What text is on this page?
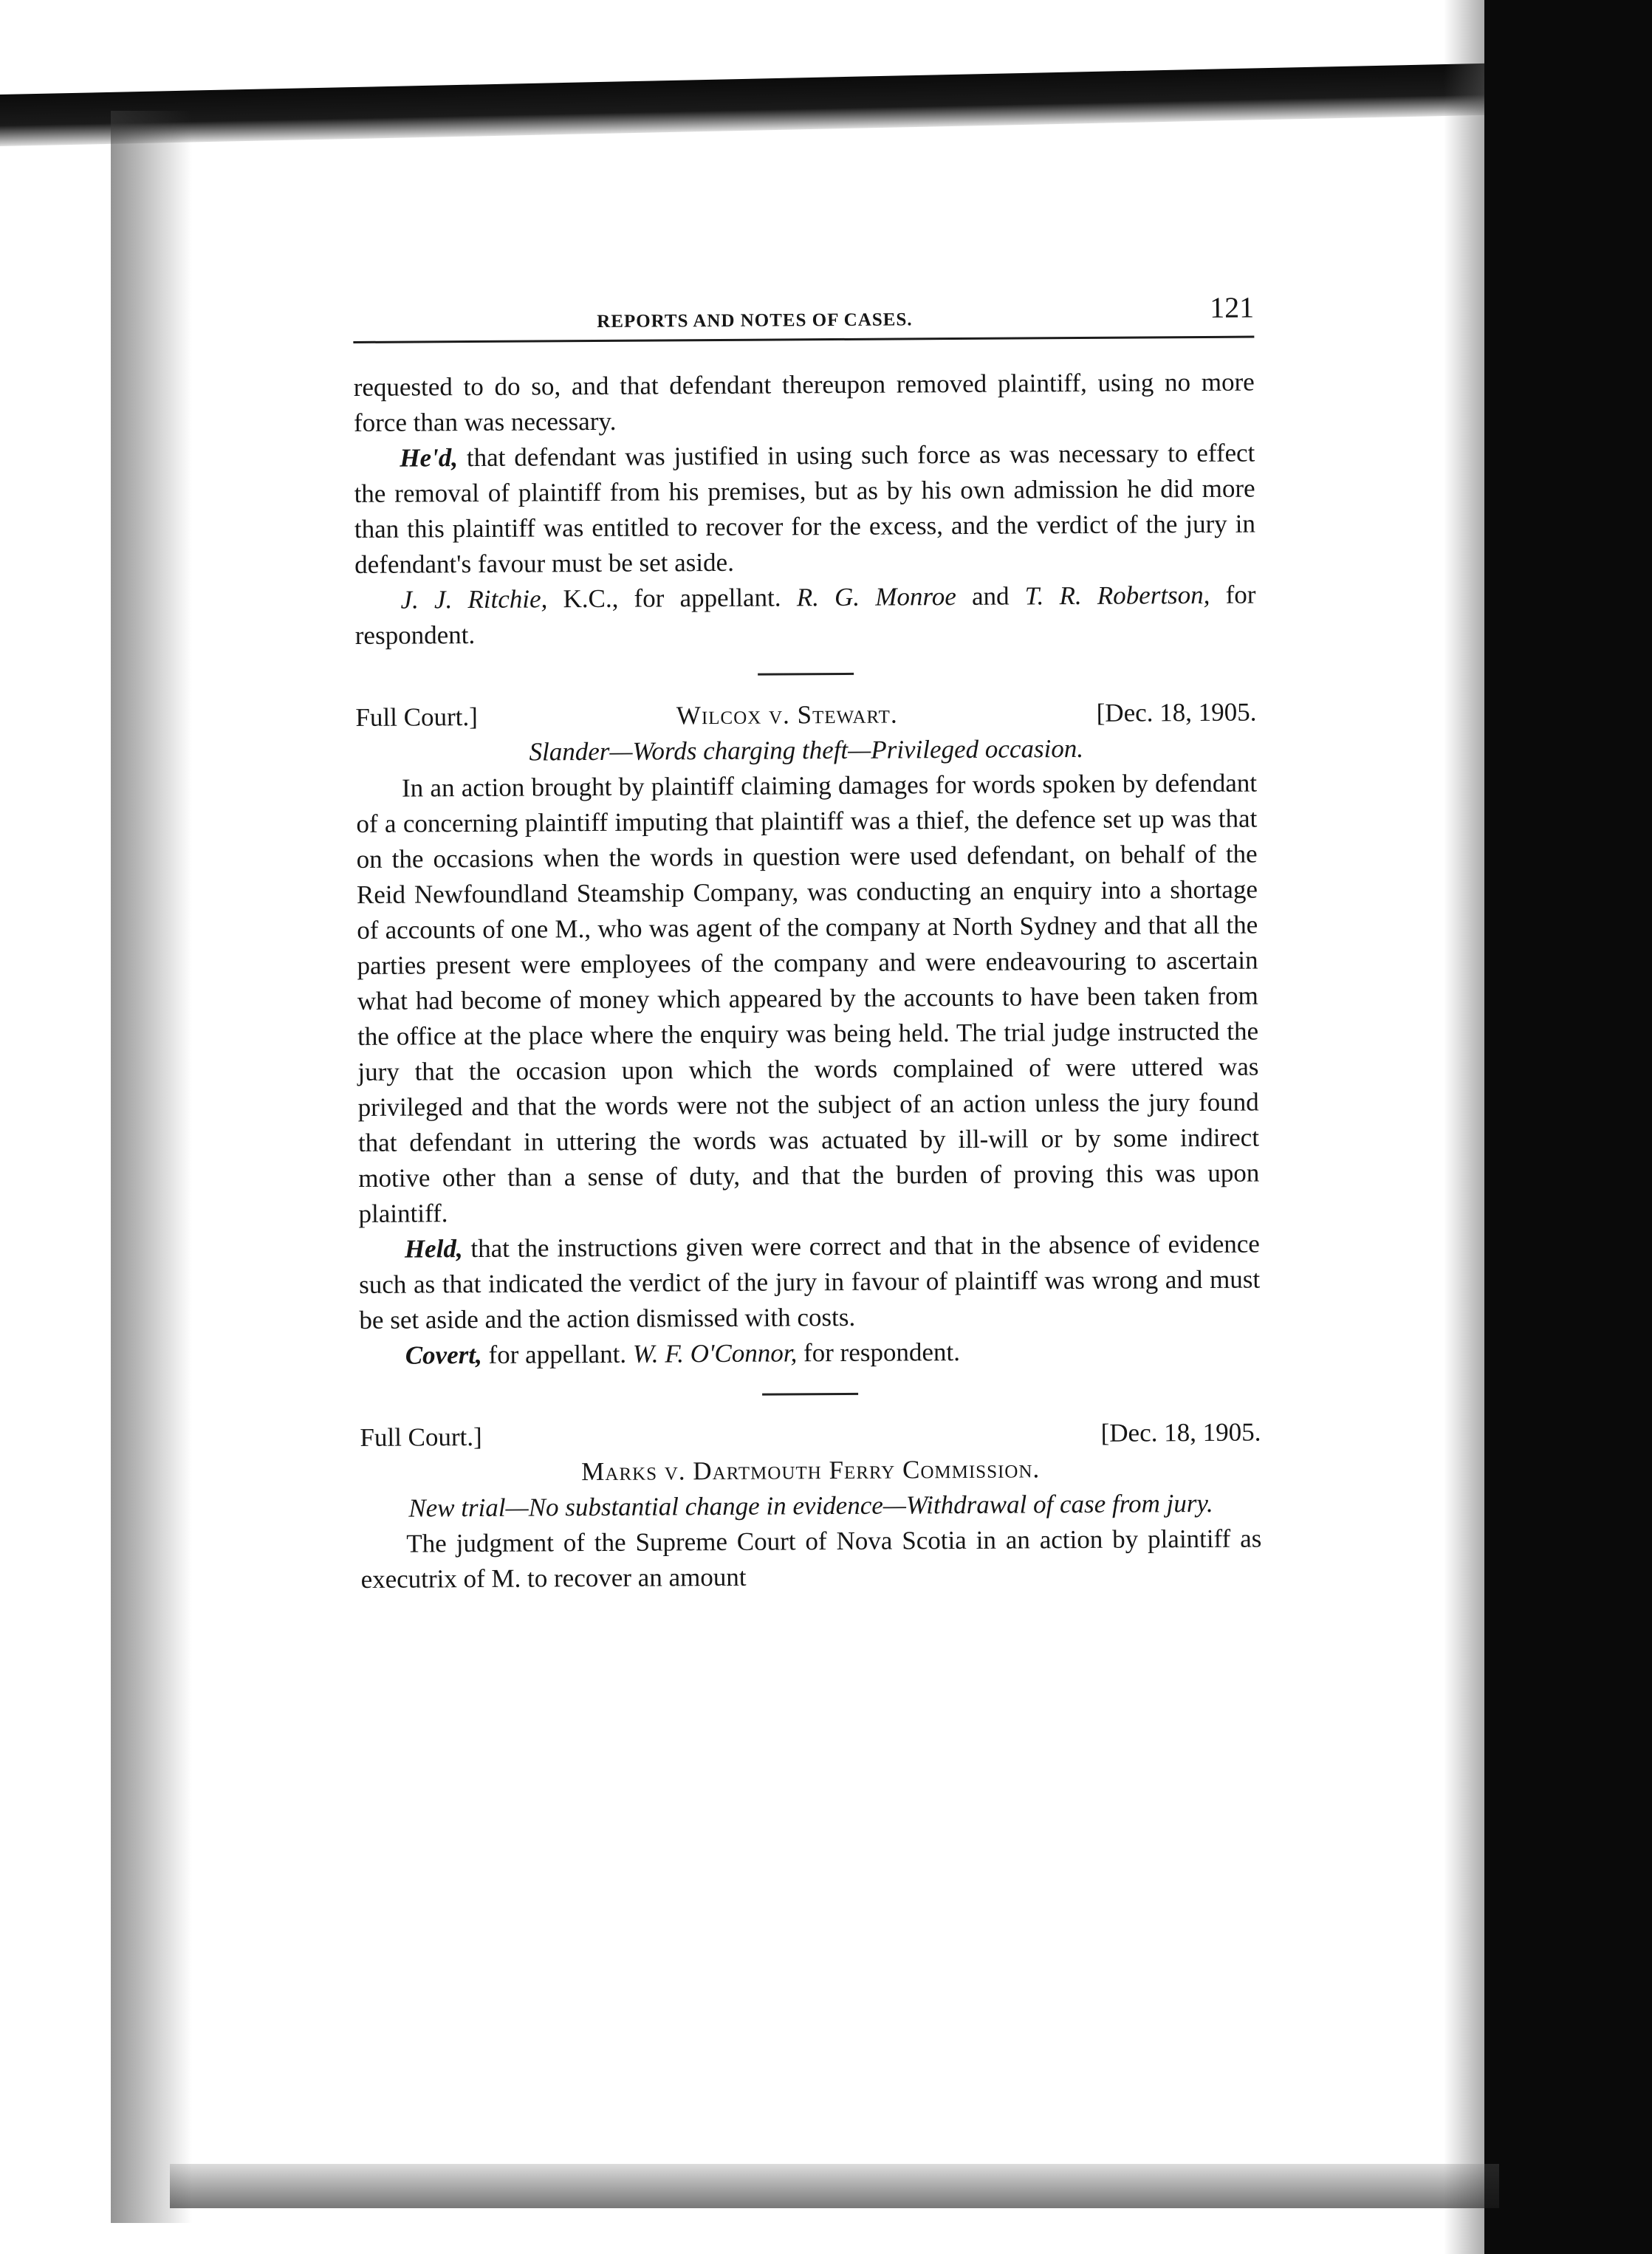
REPORTS AND NOTES OF CASES.	121

requested to do so, and that defendant thereupon removed plaintiff, using no more force than was necessary.

He'd, that defendant was justified in using such force as was necessary to effect the removal of plaintiff from his premises, but as by his own admission he did more than this plaintiff was entitled to recover for the excess, and the verdict of the jury in defendant's favour must be set aside.

J. J. Ritchie, K.C., for appellant. R. G. Monroe and T. R. Robertson, for respondent.

Full Court.]	Wilcox v. Stewart.	[Dec. 18, 1905.

Slander—Words charging theft—Privileged occasion.

In an action brought by plaintiff claiming damages for words spoken by defendant of a concerning plaintiff imputing that plaintiff was a thief, the defence set up was that on the occasions when the words in question were used defendant, on behalf of the Reid Newfoundland Steamship Company, was conducting an enquiry into a shortage of accounts of one M., who was agent of the company at North Sydney and that all the parties present were employees of the company and were endeavouring to ascertain what had become of money which appeared by the accounts to have been taken from the office at the place where the enquiry was being held. The trial judge instructed the jury that the occasion upon which the words complained of were uttered was privileged and that the words were not the subject of an action unless the jury found that defendant in uttering the words was actuated by ill-will or by some indirect motive other than a sense of duty, and that the burden of proving this was upon plaintiff.

Held, that the instructions given were correct and that in the absence of evidence such as that indicated the verdict of the jury in favour of plaintiff was wrong and must be set aside and the action dismissed with costs.

Covert, for appellant. W. F. O'Connor, for respondent.

Full Court.]	[Dec. 18, 1905.

Marks v. Dartmouth Ferry Commission.

New trial—No substantial change in evidence—Withdrawal of case from jury.

The judgment of the Supreme Court of Nova Scotia in an action by plaintiff as executrix of M. to recover an amount
